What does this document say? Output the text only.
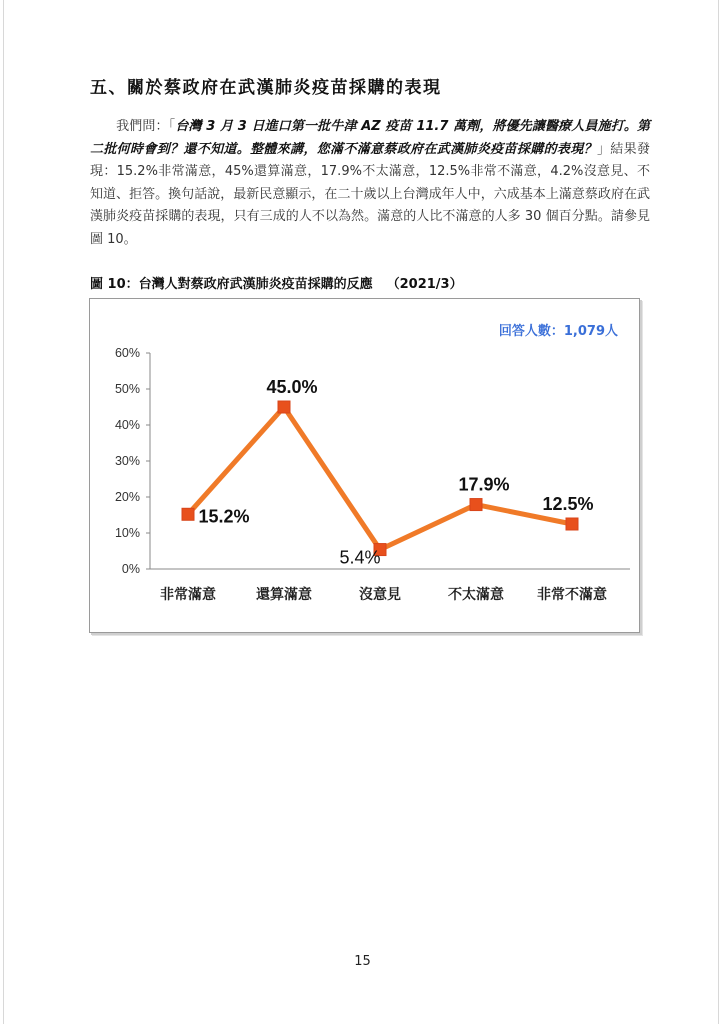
五、關於蔡政府在武漢肺炎疫苗採購的表現
我們問：「台灣 3 月 3 日進口第一批牛津 AZ 疫苗 11.7 萬劑，將優先讓醫療人員施打。第二批何時會到？還不知道。整體來講，您滿不滿意蔡政府在武漢肺炎疫苗採購的表現？」結果發現：15.2%非常滿意，45%還算滿意，17.9%不太滿意，12.5%非常不滿意，4.2%沒意見、不知道、拒答。換句話說，最新民意顯示，在二十歲以上台灣成年人中，六成基本上滿意蔡政府在武漢肺炎疫苗採購的表現，只有三成的人不以為然。滿意的人比不滿意的人多 30 個百分點。請參見圖 10。
圖 10：台灣人對蔡政府武漢肺炎疫苗採購的反應 （2021/3）
0%
10%
20%
30%
40%
50%
60%
非常滿意	還算滿意	沒意見	不太滿意 非常不滿意
15.2%
45.0%
5.4%
17.9%
12.5%
回答人數：1,079人
15
